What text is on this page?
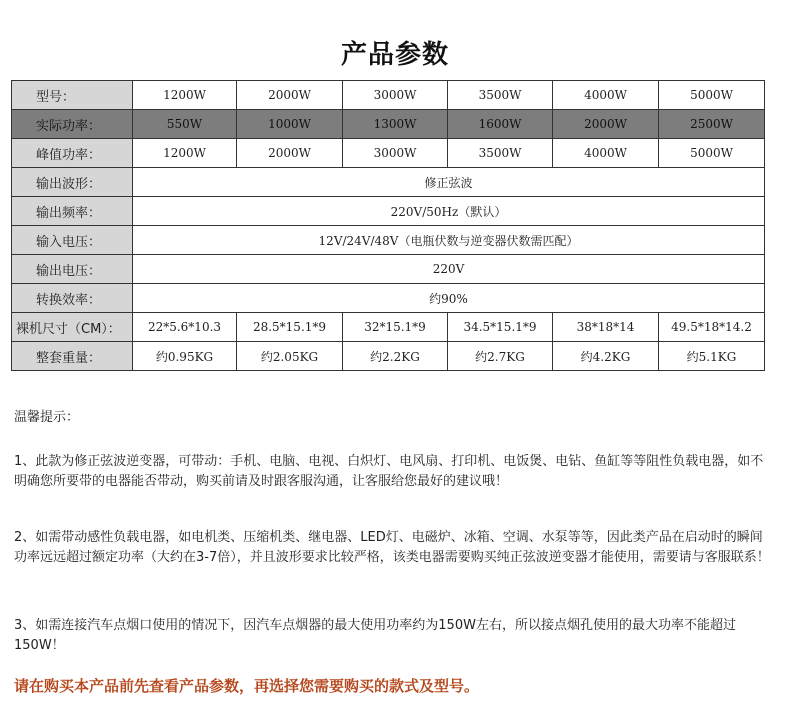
产品参数
型号：	1200W	2000W	3000W	3500W	4000W	5000W
实际功率：	550W	1000W	1300W	1600W	2000W	2500W
峰值功率：	1200W	2000W	3000W	3500W	4000W	5000W
输出波形：	修正弦波					
输出频率：	220V/50Hz（默认）					
输入电压：	12V/24V/48V（电瓶伏数与逆变器伏数需匹配）					
输出电压：	220V					
转换效率：	约90%					
裸机尺寸（CM）：	22*5.6*10.3	28.5*15.1*9	32*15.1*9	34.5*15.1*9	38*18*14	49.5*18*14.2
整套重量：	约0.95KG	约2.05KG	约2.2KG	约2.7KG	约4.2KG	约5.1KG
温馨提示：
1、此款为修正弦波逆变器，可带动：手机、电脑、电视、白炽灯、电风扇、打印机、电饭煲、电钻、鱼缸等等阻性负载电器，如不明确您所要带的电器能否带动，购买前请及时跟客服沟通，让客服给您最好的建议哦！
2、如需带动感性负载电器，如电机类、压缩机类、继电器、LED灯、电磁炉、冰箱、空调、水泵等等，因此类产品在启动时的瞬间功率远远超过额定功率（大约在3-7倍），并且波形要求比较严格，该类电器需要购买纯正弦波逆变器才能使用，需要请与客服联系！
3、如需连接汽车点烟口使用的情况下，因汽车点烟器的最大使用功率约为150W左右，所以接点烟孔使用的最大功率不能超过150W！
请在购买本产品前先查看产品参数，再选择您需要购买的款式及型号。
